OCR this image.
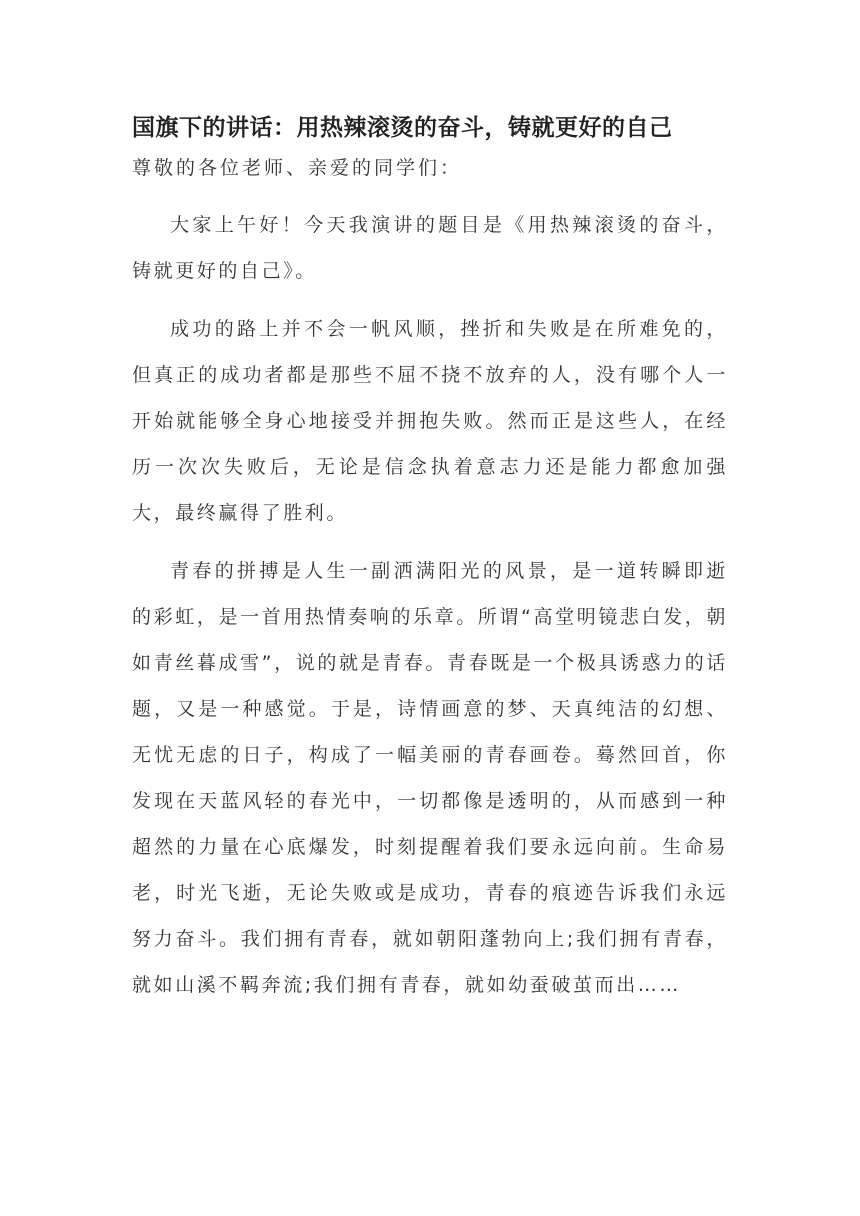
国旗下的讲话：用热辣滚烫的奋斗，铸就更好的自己

尊敬的各位老师、亲爱的同学们：

大家上午好！今天我演讲的题目是《用热辣滚烫的奋斗，铸就更好的自己》。

成功的路上并不会一帆风顺，挫折和失败是在所难免的，但真正的成功者都是那些不屈不挠不放弃的人，没有哪个人一开始就能够全身心地接受并拥抱失败。然而正是这些人，在经历一次次失败后，无论是信念执着意志力还是能力都愈加强大，最终赢得了胜利。

青春的拼搏是人生一副洒满阳光的风景，是一道转瞬即逝的彩虹，是一首用热情奏响的乐章。所谓“高堂明镜悲白发，朝如青丝暮成雪”，说的就是青春。青春既是一个极具诱惑力的话题，又是一种感觉。于是，诗情画意的梦、天真纯洁的幻想、无忧无虑的日子，构成了一幅美丽的青春画卷。蓦然回首，你发现在天蓝风轻的春光中，一切都像是透明的，从而感到一种超然的力量在心底爆发，时刻提醒着我们要永远向前。生命易老，时光飞逝，无论失败或是成功，青春的痕迹告诉我们永远努力奋斗。我们拥有青春，就如朝阳蓬勃向上;我们拥有青春，就如山溪不羁奔流;我们拥有青春，就如幼蚕破茧而出……
